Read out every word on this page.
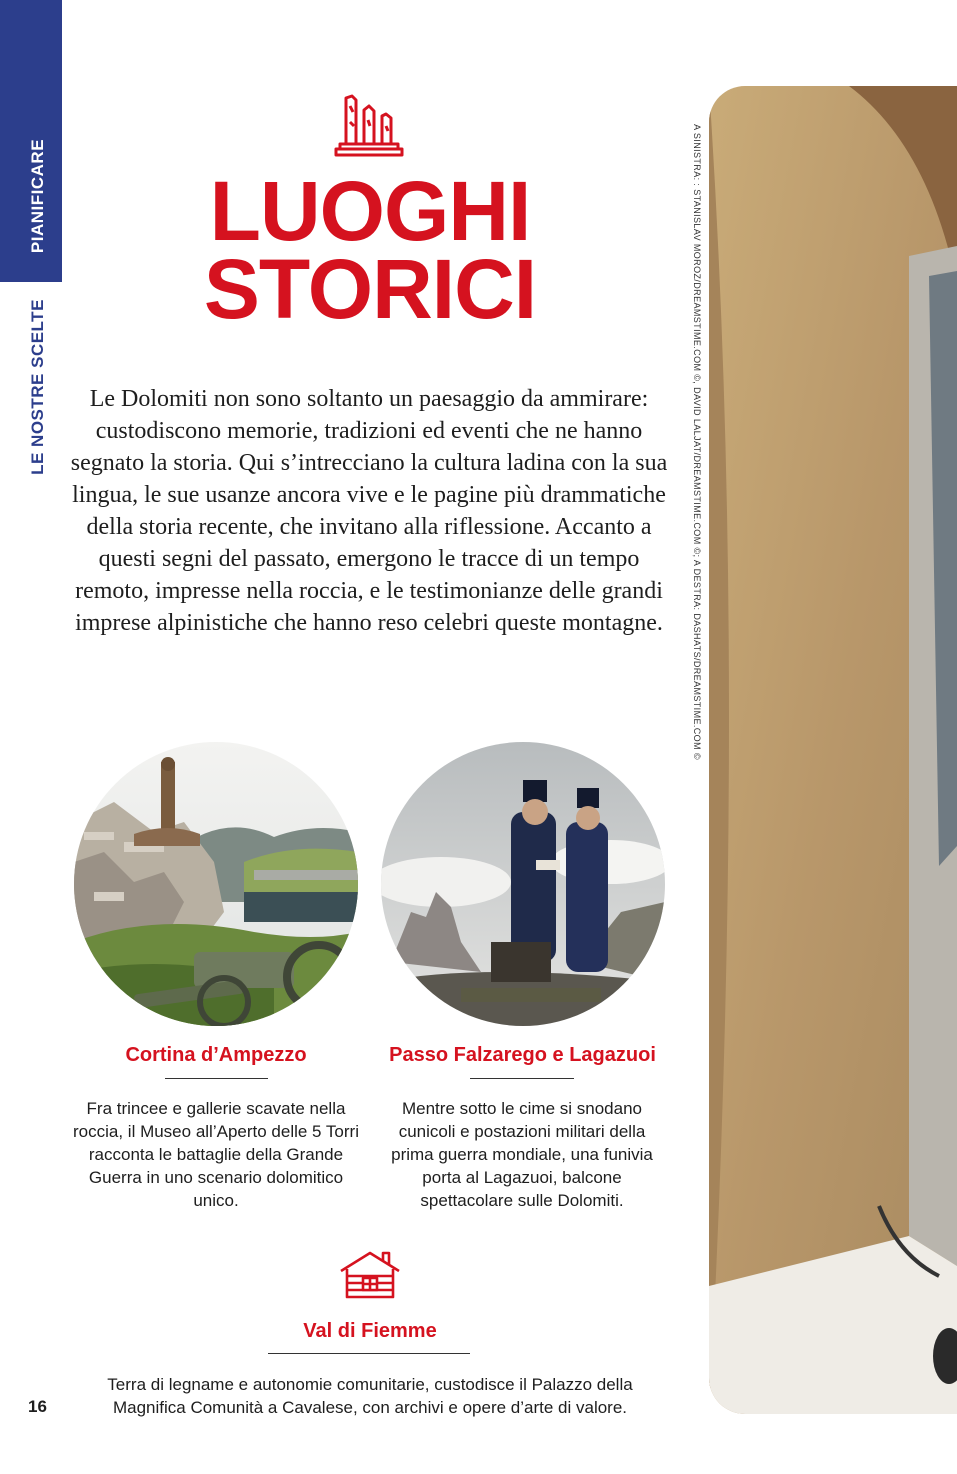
PIANIFICARE
LE NOSTRE SCELTE
LUOGHI
STORICI

Le Dolomiti non sono soltanto un paesaggio da ammirare: custodiscono memorie, tradizioni ed eventi che ne hanno segnato la storia. Qui s’intrecciano la cultura ladina con la sua lingua, le sue usanze ancora vive e le pagine più drammatiche della storia recente, che invitano alla riflessione. Accanto a questi segni del passato, emergono le tracce di un tempo remoto, impresse nella roccia, e le testimonianze delle grandi imprese alpinistiche che hanno reso celebri queste montagne.

Cortina d’Ampezzo

Fra trincee e gallerie scavate nella roccia, il Museo all’Aperto delle 5 Torri racconta le battaglie della Grande Guerra in uno scenario dolomitico unico.

Passo Falzarego e Lagazuoi

Mentre sotto le cime si snodano cunicoli e postazioni militari della prima guerra mondiale, una funivia porta al Lagazuoi, balcone spettacolare sulle Dolomiti.

Val di Fiemme

Terra di legname e autonomie comunitarie, custodisce il Palazzo della Magnifica Comunità a Cavalese, con archivi e opere d’arte di valore.

16
A SINISTRA: : STANISLAV MOROZ/DREAMSTIME.COM ©, DAVID LALJAT/DREAMSTIME.COM ©; A DESTRA: DASHATS/DREAMSTIME.COM ©
